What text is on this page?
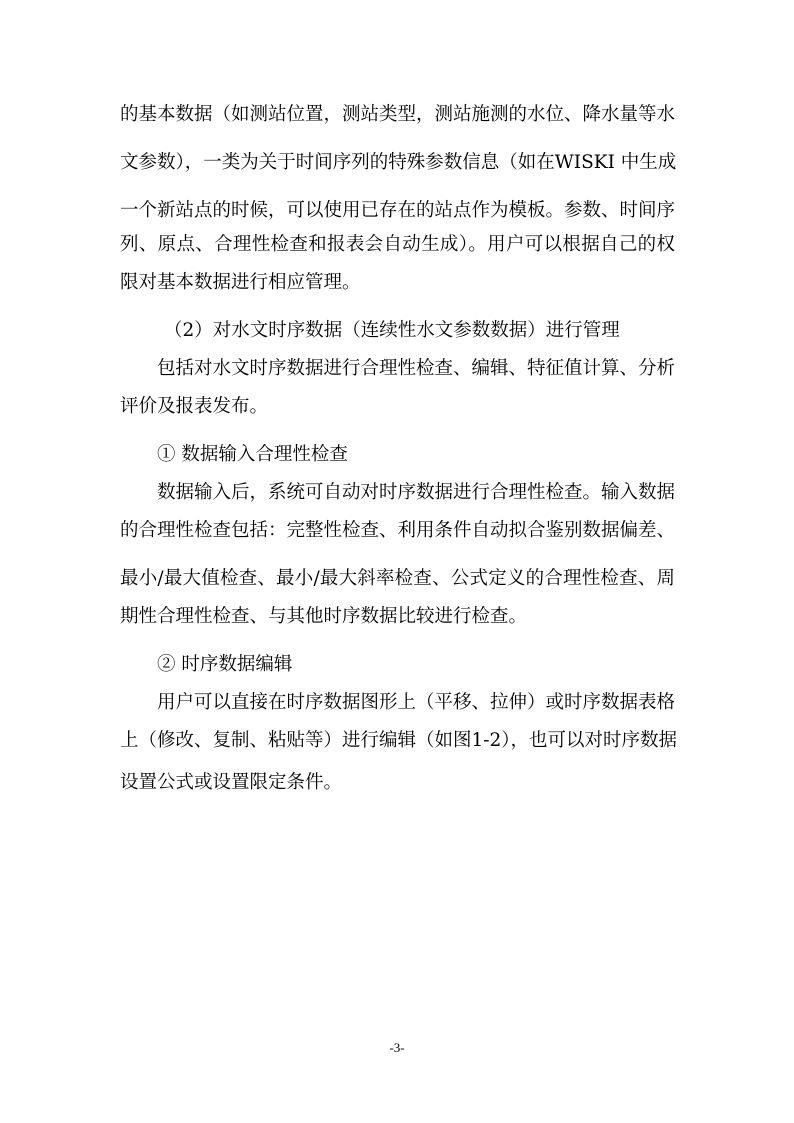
的基本数据（如测站位置，测站类型，测站施测的水位、降水量等水
文参数），一类为关于时间序列的特殊参数信息（如在WISKI 中生成
一个新站点的时候，可以使用已存在的站点作为模板。参数、时间序
列、原点、合理性检查和报表会自动生成）。用户可以根据自己的权
限对基本数据进行相应管理。
（2）对水文时序数据（连续性水文参数数据）进行管理
包括对水文时序数据进行合理性检查、编辑、特征值计算、分析
评价及报表发布。
① 数据输入合理性检查
数据输入后，系统可自动对时序数据进行合理性检查。输入数据
的合理性检查包括：完整性检查、利用条件自动拟合鉴别数据偏差、
最小/最大值检查、最小/最大斜率检查、公式定义的合理性检查、周
期性合理性检查、与其他时序数据比较进行检查。
② 时序数据编辑
用户可以直接在时序数据图形上（平移、拉伸）或时序数据表格
上（修改、复制、粘贴等）进行编辑（如图1-2），也可以对时序数据
设置公式或设置限定条件。
-3-
